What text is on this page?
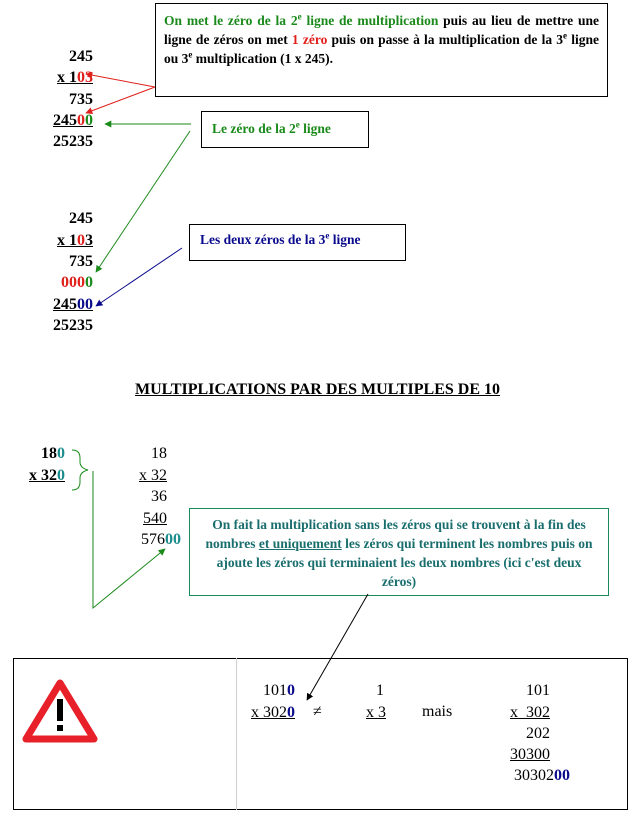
245
x 103
735
24500
25235
245
x 103
735
0000
24500
25235
On met le zéro de la 2e ligne de multiplication puis au lieu de mettre une ligne de zéros on met 1 zéro puis on passe à la multiplication de la 3e ligne ou 3e multiplication (1 x 245).
Le zéro de la 2e ligne
Les deux zéros de la 3e ligne
MULTIPLICATIONS PAR DES MULTIPLES DE 10
180
x 320
18
x 32
36
540
57600
On fait la multiplication sans les zéros qui se trouvent à la fin des nombres et uniquement les zéros qui terminent les nombres puis on ajoute les zéros qui terminaient les deux nombres (ici c'est deux zéros)
1010
x 3020 ≠
1
x 3 mais
101
x  302
202
30300
3030200
